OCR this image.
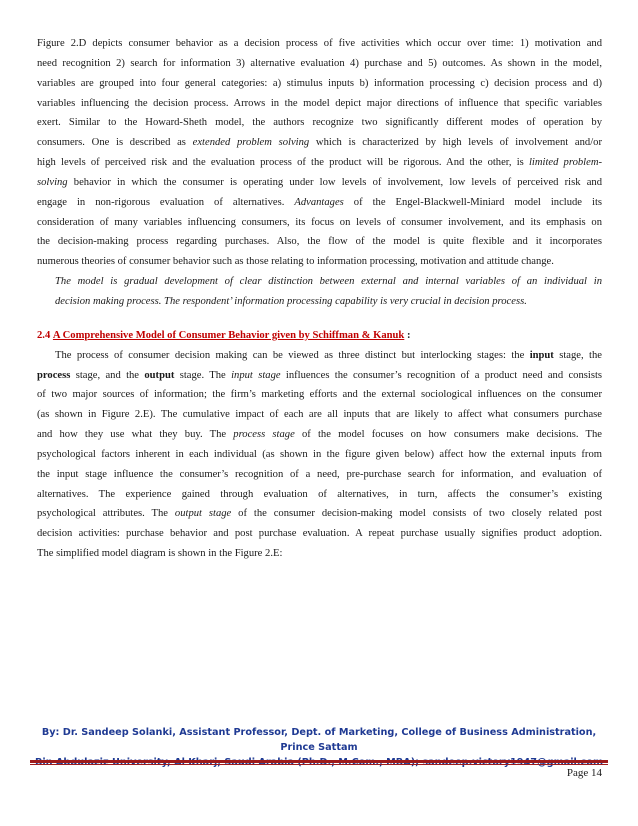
Figure 2.D depicts consumer behavior as a decision process of five activities which occur over time: 1) motivation and
need recognition 2) search for information 3) alternative evaluation 4) purchase and 5) outcomes. As shown in the model,
variables are grouped into four general categories: a) stimulus inputs b) information processing c) decision process and d)
variables influencing the decision process. Arrows in the model depict major directions of influence that specific variables
exert. Similar to the Howard-Sheth model, the authors recognize two significantly different modes of operation by
consumers. One is described as extended problem solving which is characterized by high levels of involvement and/or
high levels of perceived risk and the evaluation process of the product will be rigorous. And the other, is limited problem-
solving behavior in which the consumer is operating under low levels of involvement, low levels of perceived risk and
engage in non-rigorous evaluation of alternatives. Advantages of the Engel-Blackwell-Miniard model include its
consideration of many variables influencing consumers, its focus on levels of consumer involvement, and its emphasis on
the decision-making process regarding purchases. Also, the flow of the model is quite flexible and it incorporates
numerous theories of consumer behavior such as those relating to information processing, motivation and attitude change.

The model is gradual development of clear distinction between external and internal variables of an individual in
decision making process. The respondent’ information processing capability is very crucial in decision process.

2.4 A Comprehensive Model of Consumer Behavior given by Schiffman & Kanuk :

The process of consumer decision making can be viewed as three distinct but interlocking stages: the input stage, the
process stage, and the output stage. The input stage influences the consumer’s recognition of a product need and consists
of two major sources of information; the firm’s marketing efforts and the external sociological influences on the consumer
(as shown in Figure 2.E). The cumulative impact of each are all inputs that are likely to affect what consumers purchase
and how they use what they buy. The process stage of the model focuses on how consumers make decisions. The
psychological factors inherent in each individual (as shown in the figure given below) affect how the external inputs from
the input stage influence the consumer’s recognition of a need, pre-purchase search for information, and evaluation of
alternatives. The experience gained through evaluation of alternatives, in turn, affects the consumer’s existing
psychological attributes. The output stage of the consumer decision-making model consists of two closely related post
decision activities: purchase behavior and post purchase evaluation. A repeat purchase usually signifies product adoption.
The simplified model diagram is shown in the Figure 2.E:

By: Dr. Sandeep Solanki, Assistant Professor, Dept. of Marketing, College of Business Administration, Prince Sattam
Page 14
